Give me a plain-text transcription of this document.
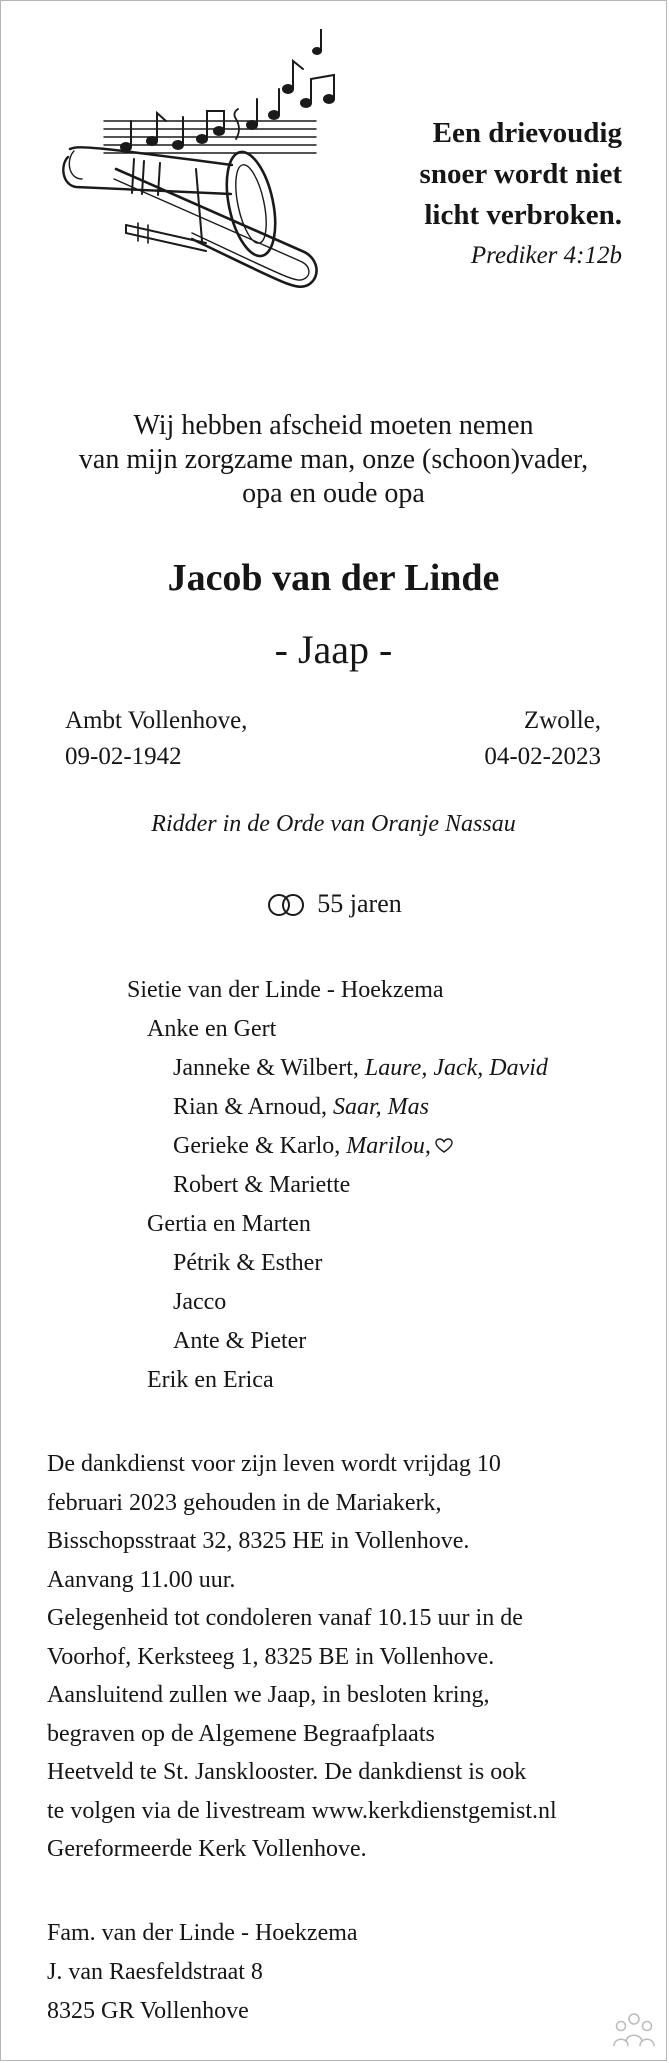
Een drievoudig
snoer wordt niet
licht verbroken.
Prediker 4:12b
Wij hebben afscheid moeten nemen
van mijn zorgzame man, onze (schoon)vader,
opa en oude opa
Jacob van der Linde
- Jaap -
Ambt Vollenhove,
09-02-1942
Zwolle,
04-02-2023
Ridder in de Orde van Oranje Nassau
55 jaren
Sietie van der Linde - Hoekzema
Anke en Gert
Janneke & Wilbert, Laure, Jack, David
Rian & Arnoud, Saar, Mas
Gerieke & Karlo, Marilou,
Robert & Mariette
Gertia en Marten
Pétrik & Esther
Jacco
Ante & Pieter
Erik en Erica
De dankdienst voor zijn leven wordt vrijdag 10
februari 2023 gehouden in de Mariakerk,
Bisschopsstraat 32, 8325 HE in Vollenhove.
Aanvang 11.00 uur.
Gelegenheid tot condoleren vanaf 10.15 uur in de
Voorhof, Kerksteeg 1, 8325 BE in Vollenhove.
Aansluitend zullen we Jaap, in besloten kring,
begraven op de Algemene Begraafplaats
Heetveld te St. Jansklooster. De dankdienst is ook
te volgen via de livestream www.kerkdienstgemist.nl
Gereformeerde Kerk Vollenhove.
Fam. van der Linde - Hoekzema
J. van Raesfeldstraat 8
8325 GR Vollenhove
